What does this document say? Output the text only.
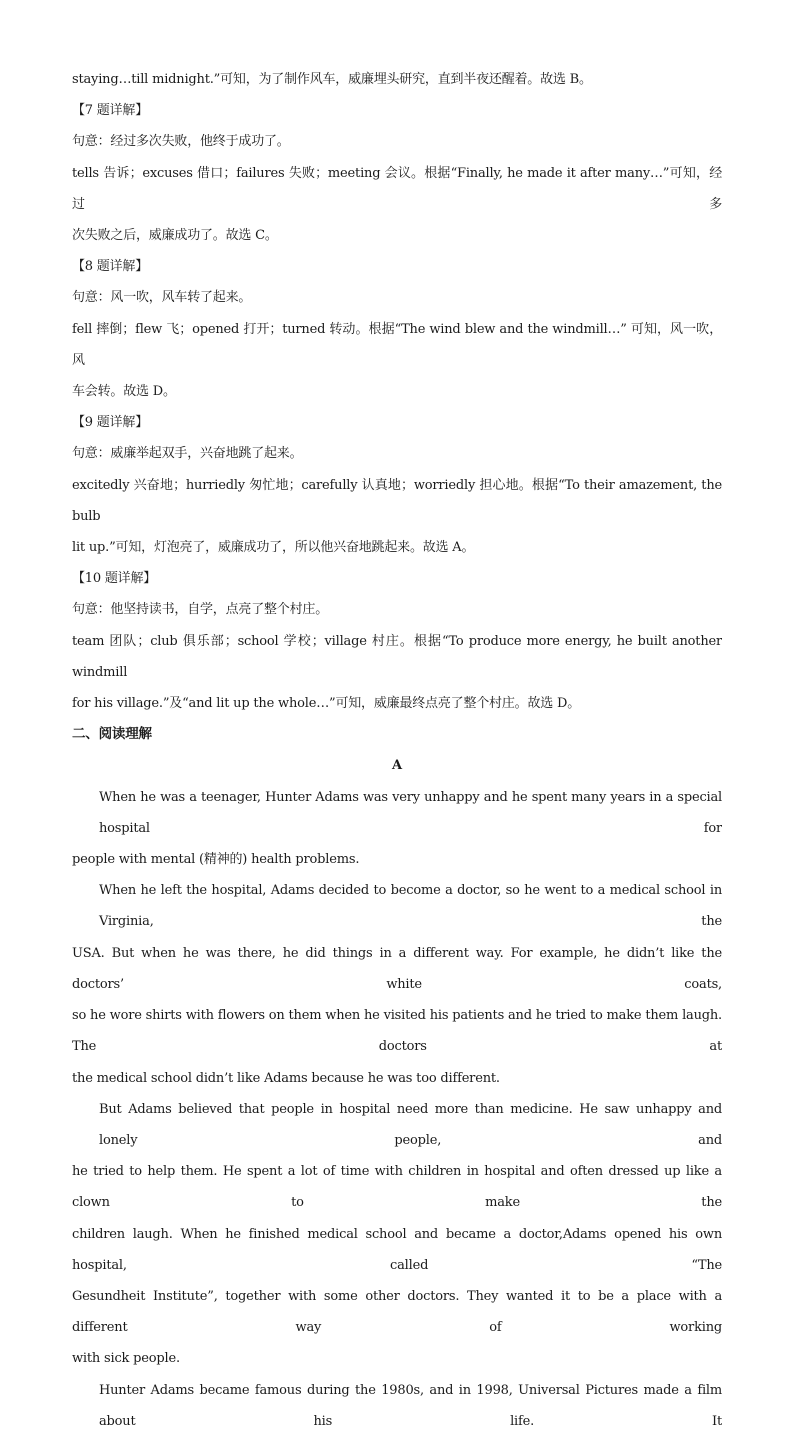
staying…till midnight.”可知，为了制作风车，威廉埋头研究，直到半夜还醒着。故选 B。
【7 题详解】
句意：经过多次失败，他终于成功了。
tells 告诉；excuses 借口；failures 失败；meeting 会议。根据“Finally, he made it after many…”可知，经过多
次失败之后，威廉成功了。故选 C。
【8 题详解】
句意：风一吹，风车转了起来。
fell 摔倒；flew 飞；opened 打开；turned 转动。根据“The wind blew and the windmill…” 可知，风一吹，风
车会转。故选 D。
【9 题详解】
句意：威廉举起双手，兴奋地跳了起来。
excitedly 兴奋地；hurriedly 匆忙地；carefully 认真地；worriedly 担心地。根据“To their amazement, the bulb
lit up.”可知，灯泡亮了，威廉成功了，所以他兴奋地跳起来。故选 A。
【10 题详解】
句意：他坚持读书，自学，点亮了整个村庄。
team 团队；club 俱乐部；school 学校；village 村庄。根据“To produce more energy, he built another windmill
for his village.”及“and lit up the whole…”可知，威廉最终点亮了整个村庄。故选 D。
二、阅读理解
A
When he was a teenager, Hunter Adams was very unhappy and he spent many years in a special hospital for
people with mental (精神的) health problems.
When he left the hospital, Adams decided to become a doctor, so he went to a medical school in Virginia, the
USA. But when he was there, he did things in a different way. For example, he didn’t like the doctors’ white coats,
so he wore shirts with flowers on them when he visited his patients and he tried to make them laugh. The doctors at
the medical school didn’t like Adams because he was too different.
But Adams believed that people in hospital need more than medicine. He saw unhappy and lonely people, and
he tried to help them. He spent a lot of time with children in hospital and often dressed up like a clown to make the
children laugh. When he finished medical school and became a doctor,Adams opened his own hospital, called “The
Gesundheit Institute”, together with some other doctors. They wanted it to be a place with a different way of working
with sick people.
Hunter Adams became famous during the 1980s, and in 1998, Universal Pictures made a film about his life. It
